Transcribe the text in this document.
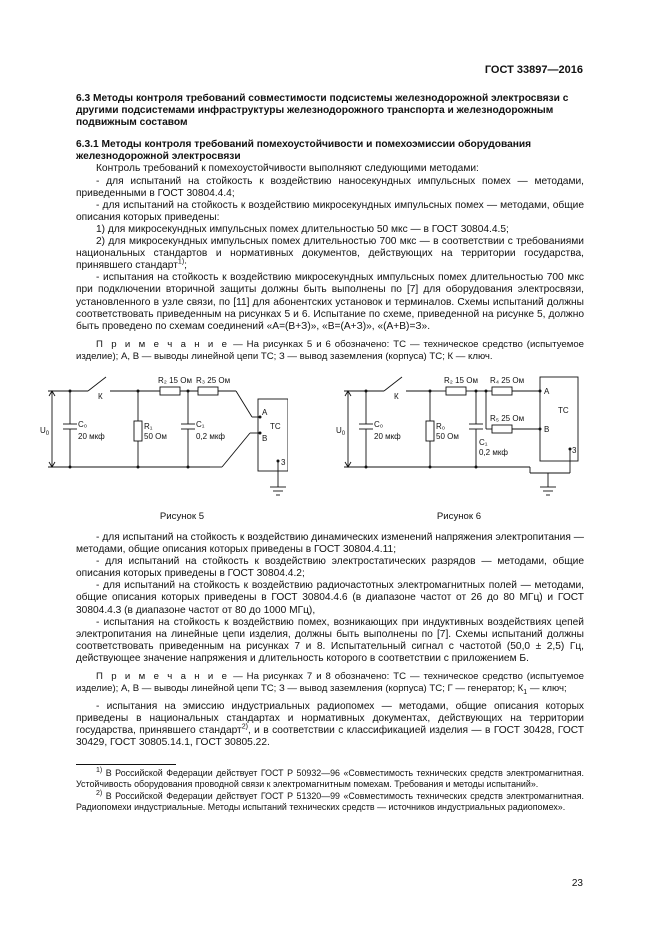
ГОСТ 33897—2016

6.3 Методы контроля требований совместимости подсистемы железнодорожной электросвязи с другими подсистемами инфраструктуры железнодорожного транспорта и железнодорожным подвижным составом

6.3.1 Методы контроля требований помехоустойчивости и помехоэмиссии оборудования железнодорожной электросвязи

Контроль требований к помехоустойчивости выполняют следующими методами:

- для испытаний на стойкость к воздействию наносекундных импульсных помех — методами, приведенными в ГОСТ 30804.4.4;

- для испытаний на стойкость к воздействию микросекундных импульсных помех — методами, общие описания которых приведены:

1) для микросекундных импульсных помех длительностью 50 мкс — в ГОСТ 30804.4.5;

2) для микросекундных импульсных помех длительностью 700 мкс — в соответствии с требованиями национальных стандартов и нормативных документов, действующих на территории государства, принявшего стандарт$^{1)}$;

- испытания на стойкость к воздействию микросекундных импульсных помех длительностью 700 мкс при подключении вторичной защиты должны быть выполнены по [7] для оборудования электросвязи, установленного в узле связи, по [11] для абонентских установок и терминалов. Схемы испытаний должны соответствовать приведенным на рисунках 5 и 6. Испытание по схеме, приведенной на рисунке 5, должно быть проведено по схемам соединений «А=(В+З)», «В=(А+З)», «(А+В)=З».

П р и м е ч а н и е — На рисунках 5 и 6 обозначено: ТС — техническое средство (испытуемое изделие); А, В — выводы линейной цепи ТС; З — вывод заземления (корпуса) ТС; К — ключ.

$U_0$
К
R₂ 15 Ом R₃ 25 Ом
R₁
50 Ом
C₀
20 мкф
C₁
0,2 мкф
А
В
ТС
3
Рисунок 5
$U_0$
К
R₂ 15 Ом R₄ 25 Ом
R₅ 25 Ом
R₀
50 Ом
C₀
20 мкф
C₁
0,2 мкф
А
В
ТС
3
Рисунок 6

- для испытаний на стойкость к воздействию динамических изменений напряжения электропитания — методами, общие описания которых приведены в ГОСТ 30804.4.11;

- для испытаний на стойкость к воздействию электростатических разрядов — методами, общие описания которых приведены в ГОСТ 30804.4.2;

- для испытаний на стойкость к воздействию радиочастотных электромагнитных полей — методами, общие описания которых приведены в ГОСТ 30804.4.6 (в диапазоне частот от 26 до 80 МГц) и ГОСТ 30804.4.3 (в диапазоне частот от 80 до 1000 МГц),

- испытания на стойкость к воздействию помех, возникающих при индуктивных воздействиях цепей электропитания на линейные цепи изделия, должны быть выполнены по [7]. Схемы испытаний должны соответствовать приведенным на рисунках 7 и 8. Испытательный сигнал с частотой (50,0 ± 2,5) Гц, действующее значение напряжения и длительность которого в соответствии с приложением Б.

П р и м е ч а н и е — На рисунках 7 и 8 обозначено: ТС — техническое средство (испытуемое изделие); А, В — выводы линейной цепи ТС; З — вывод заземления (корпуса) ТС; Г — генератор; $К_1$ — ключ;

- испытания на эмиссию индустриальных радиопомех — методами, общие описания которых приведены в национальных стандартах и нормативных документах, действующих на территории государства, принявшего стандарт$^{2)}$, и в соответствии с классификацией изделия — в ГОСТ 30428, ГОСТ 30429, ГОСТ 30805.14.1, ГОСТ 30805.22.

$^{1)}$ В Российской Федерации действует ГОСТ Р 50932—96 «Совместимость технических средств электромагнитная. Устойчивость оборудования проводной связи к электромагнитным помехам. Требования и методы испытаний».

$^{2)}$ В Российской Федерации действует ГОСТ Р 51320—99 «Совместимость технических средств электромагнитная. Радиопомехи индустриальные. Методы испытаний технических средств — источников индустриальных радиопомех».

23
